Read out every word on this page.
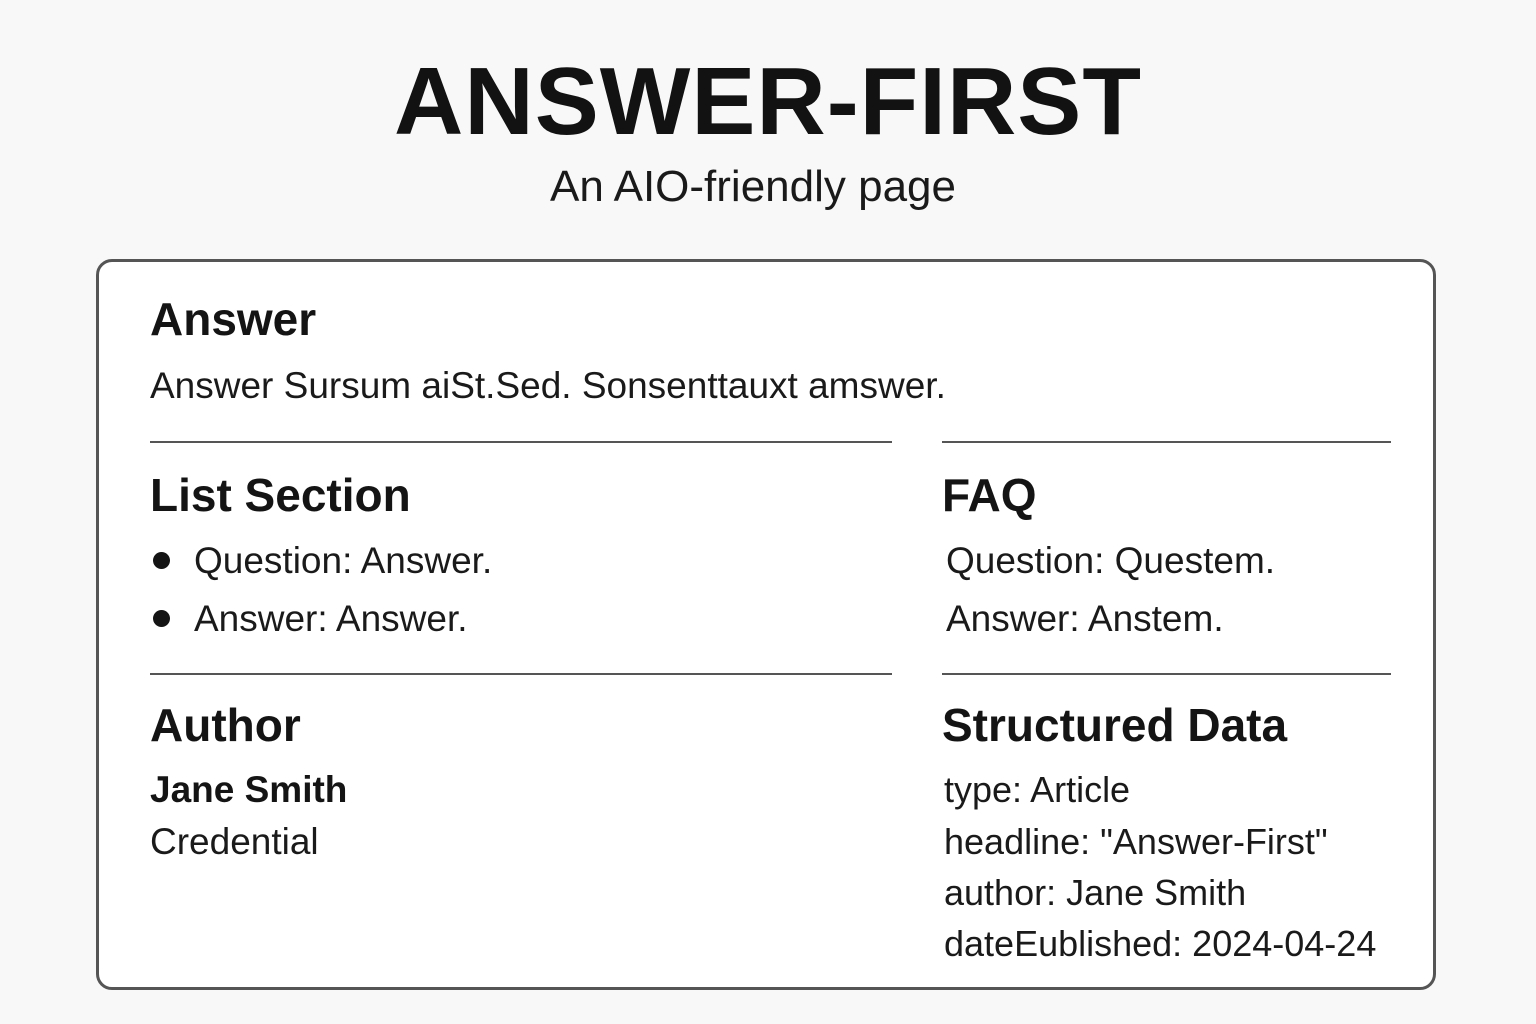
ANSWER-FIRST
An AIO-friendly page
Answer
Answer Sursum aiSt.Sed. Sonsenttauxt amswer.
List Section
Question: Answer.
Answer: Answer.
FAQ
Question: Questem.
Answer: Anstem.
Author
Jane Smith
Credential
Structured Data
type: Article
headline: "Answer-First"
author: Jane Smith
dateEublished: 2024-04-24
